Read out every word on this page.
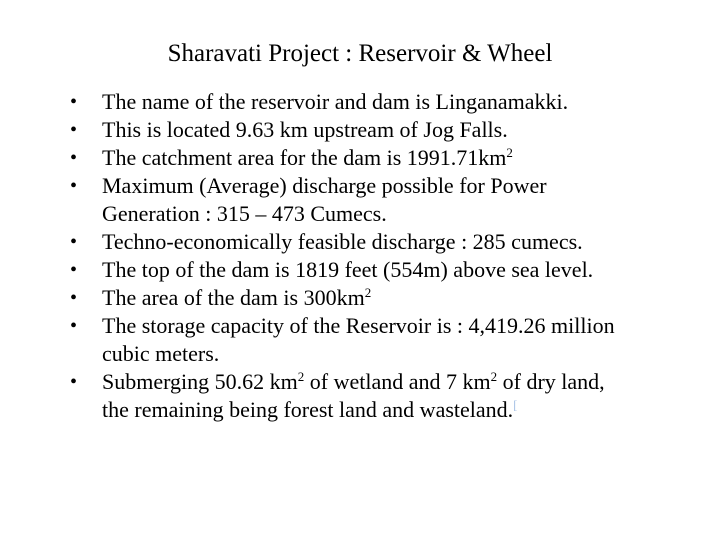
Sharavati Project : Reservoir & Wheel
• The name of the reservoir and dam is Linganamakki.
• This is located 9.63 km upstream of Jog Falls.
• The catchment area for the dam is $1991.71km^2$
• Maximum (Average) discharge possible for Power
Generation : 315 – 473 Cumecs.
• Techno-economically feasible discharge : 285 cumecs.
• The top of the dam is 1819 feet (554m) above sea level.
• The area of the dam is $300km^2$
• The storage capacity of the Reservoir is : 4,419.26 million
cubic meters.
• Submerging 50.62 $km^2$ of wetland and 7 $km^2$ of dry land,
the remaining being forest land and wasteland.[
